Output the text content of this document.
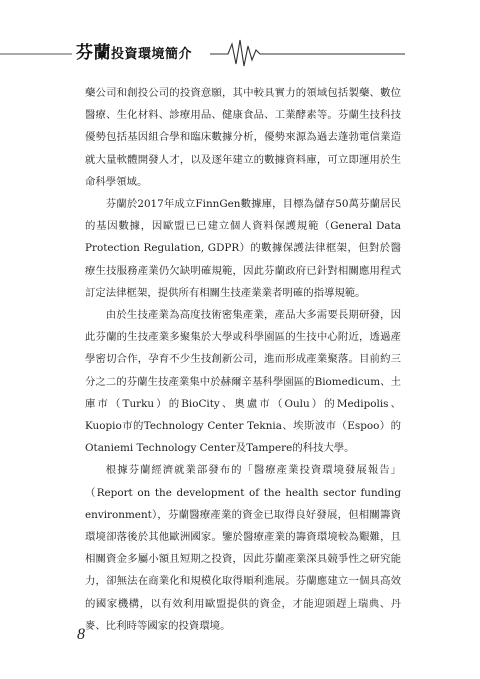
芬蘭投資環境簡介

藥公司和創投公司的投資意願，其中較具實力的領域包括製藥、數位醫療、生化材料、診療用品、健康食品、工業酵素等。芬蘭生技科技優勢包括基因組合學和臨床數據分析，優勢來源為過去蓬勃電信業造就大量軟體開發人才，以及逐年建立的數據資料庫，可立即運用於生命科學領域。

芬蘭於2017年成立FinnGen數據庫，目標為儲存50萬芬蘭居民的基因數據，因歐盟已已建立個人資料保護規範（General Data Protection Regulation, GDPR）的數據保護法律框架，但對於醫療生技服務產業仍欠缺明確規範，因此芬蘭政府已針對相關應用程式訂定法律框架，提供所有相關生技產業業者明確的指導規範。

由於生技產業為高度技術密集產業，產品大多需要長期研發，因此芬蘭的生技產業多聚集於大學或科學園區的生技中心附近，透過產學密切合作，孕育不少生技創新公司，進而形成產業聚落。目前約三分之二的芬蘭生技產業集中於赫爾辛基科學園區的Biomedicum、土庫市（Turku）的BioCity、奧盧市（Oulu）的Medipolis、Kuopio市的Technology Center Teknia、埃斯波市（Espoo）的Otaniemi Technology Center及Tampere的科技大學。

根據芬蘭經濟就業部發布的「醫療產業投資環境發展報告」（Report on the development of the health sector funding environment），芬蘭醫療產業的資金已取得良好發展，但相關籌資環境卻落後於其他歐洲國家。鑒於醫療產業的籌資環境較為艱難，且相關資金多屬小額且短期之投資，因此芬蘭產業深具競爭性之研究能力，卻無法在商業化和規模化取得順利進展。芬蘭應建立一個具高效的國家機構，以有效利用歐盟提供的資金，才能迎頭趕上瑞典、丹麥、比利時等國家的投資環境。

8
